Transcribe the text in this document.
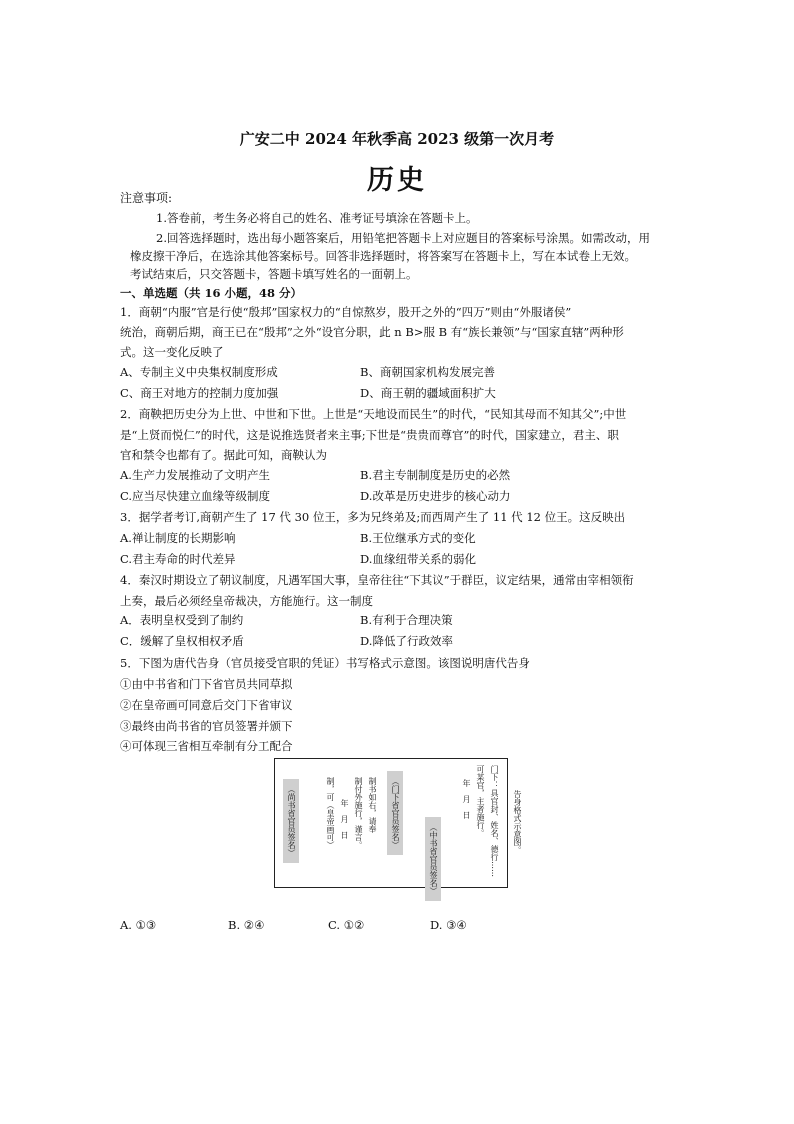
广安二中 2024 年秋季高 2023 级第一次月考
历史
注意事项:
1.答卷前，考生务必将自己的姓名、准考证号填涂在答题卡上。
2.回答选择题时，选出每小题答案后，用铅笔把答题卡上对应题目的答案标号涂黑。如需改动，用
橡皮擦干净后，在选涂其他答案标号。回答非选择题时，将答案写在答题卡上，写在本试卷上无效。
考试结束后，只交答题卡，答题卡填写姓名的一面朝上。
一、单选题（共 16 小题，48 分）
1．商朝“内服”官是行使“殷邦”国家权力的“自惊熬岁，股开之外的“四万”则由“外服诸侯”
统治，商朝后期，商王已在“殷邦”之外“设官分职，此 n B>服 B 有“族长兼领”与“国家直辖”两种形
式。这一变化反映了
A、专制主义中央集权制度形成	B、商朝国家机构发展完善
C、商王对地方的控制力度加强	D、商王朝的疆域面积扩大
2．商鞅把历史分为上世、中世和下世。上世是“天地设而民生”的时代，“民知其母而不知其父”;中世
是“上贤而悦仁”的时代，这是说推选贤者来主事;下世是“贵贵而尊官”的时代，国家建立，君主、职
官和禁令也都有了。据此可知，商鞅认为
A.生产力发展推动了文明产生	B.君主专制制度是历史的必然
C.应当尽快建立血缘等级制度	D.改革是历史进步的核心动力
3．据学者考订,商朝产生了 17 代 30 位王，多为兄终弟及;而西周产生了 11 代 12 位王。这反映出
A.禅让制度的长期影响	B.王位继承方式的变化
C.君主寿命的时代差异	D.血缘纽带关系的弱化
4．秦汉时期设立了朝议制度，凡遇军国大事，皇帝往往“下其议”于群臣，议定结果，通常由宰相领衔
上奏，最后必须经皇帝裁决，方能施行。这一制度
A．表明皇权受到了制约	B.有利于合理决策
C．缓解了皇权相权矛盾	D.降低了行政效率
5．下图为唐代告身（官员接受官职的凭证）书写格式示意图。该图说明唐代告身
①由中书省和门下省官员共同草拟
②在皇帝画可同意后交门下省审议
③最终由尚书省的官员签署并颁下
④可体现三省相互牵制有分工配合
（尚书省官员签名）	制，可（皇帝画可） 年　月　日 制付外施行，谨言。 制书如右，请奉	（门下省官员签名）
（中书省官员签名）
年　月　日 可某官，主者施行。 门下：具官封、姓名、德行…… 告身格式示意图。
A. ①③	B. ②④	C. ①②	D. ③④
